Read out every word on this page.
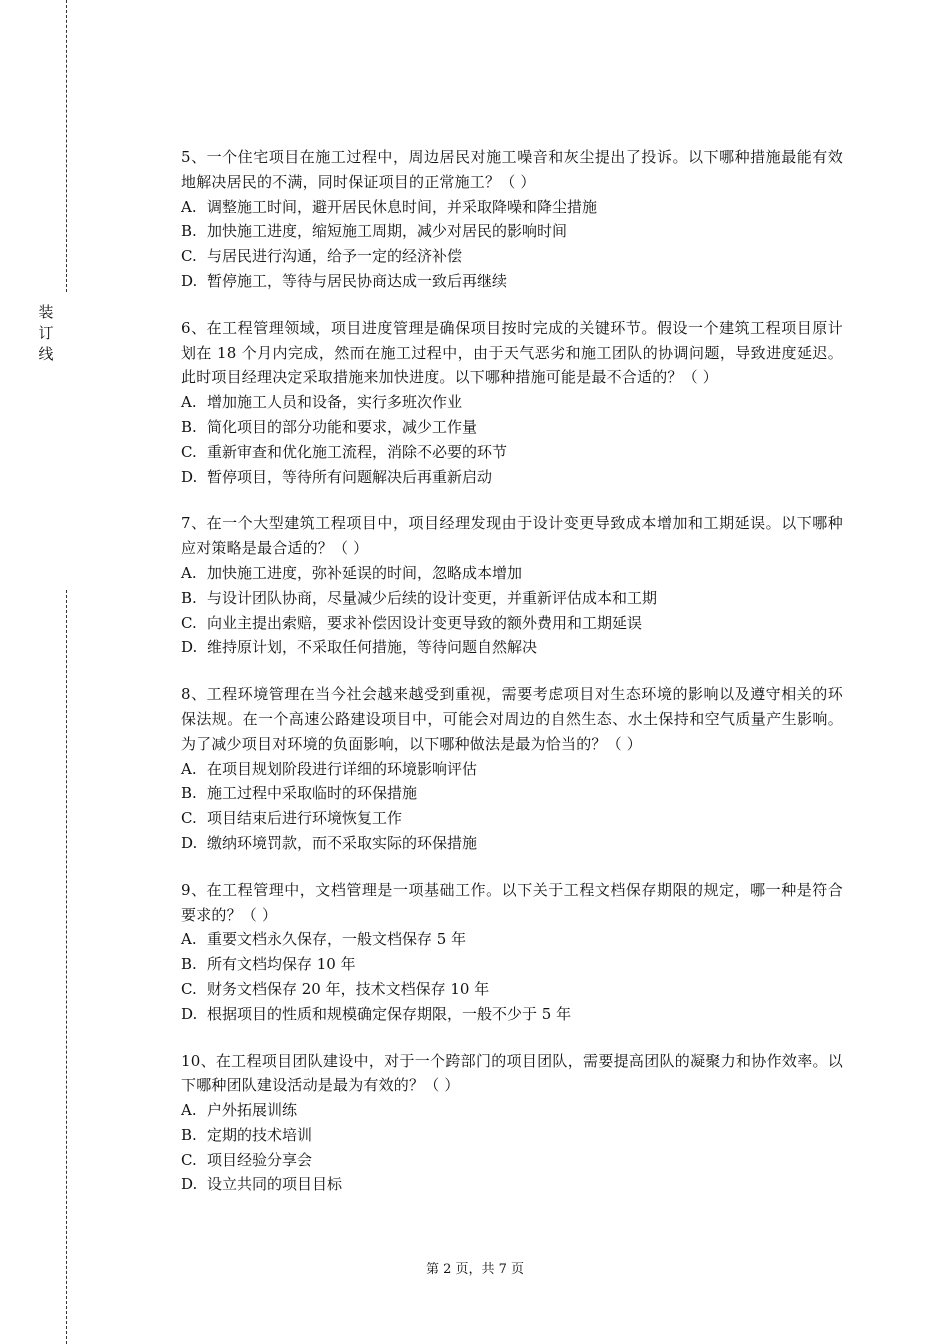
装
订
线

5、一个住宅项目在施工过程中，周边居民对施工噪音和灰尘提出了投诉。以下哪种措施最能有效地解决居民的不满，同时保证项目的正常施工？（ ）

A. 调整施工时间，避开居民休息时间，并采取降噪和降尘措施
B. 加快施工进度，缩短施工周期，减少对居民的影响时间
C. 与居民进行沟通，给予一定的经济补偿
D. 暂停施工，等待与居民协商达成一致后再继续

6、在工程管理领域，项目进度管理是确保项目按时完成的关键环节。假设一个建筑工程项目原计划在 18 个月内完成，然而在施工过程中，由于天气恶劣和施工团队的协调问题，导致进度延迟。此时项目经理决定采取措施来加快进度。以下哪种措施可能是最不合适的？（ ）

A. 增加施工人员和设备，实行多班次作业
B. 简化项目的部分功能和要求，减少工作量
C. 重新审查和优化施工流程，消除不必要的环节
D. 暂停项目，等待所有问题解决后再重新启动

7、在一个大型建筑工程项目中，项目经理发现由于设计变更导致成本增加和工期延误。以下哪种应对策略是最合适的？（ ）

A. 加快施工进度，弥补延误的时间，忽略成本增加
B. 与设计团队协商，尽量减少后续的设计变更，并重新评估成本和工期
C. 向业主提出索赔，要求补偿因设计变更导致的额外费用和工期延误
D. 维持原计划，不采取任何措施，等待问题自然解决

8、工程环境管理在当今社会越来越受到重视，需要考虑项目对生态环境的影响以及遵守相关的环保法规。在一个高速公路建设项目中，可能会对周边的自然生态、水土保持和空气质量产生影响。为了减少项目对环境的负面影响，以下哪种做法是最为恰当的？（ ）

A. 在项目规划阶段进行详细的环境影响评估
B. 施工过程中采取临时的环保措施
C. 项目结束后进行环境恢复工作
D. 缴纳环境罚款，而不采取实际的环保措施

9、在工程管理中，文档管理是一项基础工作。以下关于工程文档保存期限的规定，哪一种是符合要求的？（ ）

A. 重要文档永久保存，一般文档保存 5 年
B. 所有文档均保存 10 年
C. 财务文档保存 20 年，技术文档保存 10 年
D. 根据项目的性质和规模确定保存期限，一般不少于 5 年

10、在工程项目团队建设中，对于一个跨部门的项目团队，需要提高团队的凝聚力和协作效率。以下哪种团队建设活动是最为有效的？（ ）

A. 户外拓展训练
B. 定期的技术培训
C. 项目经验分享会
D. 设立共同的项目目标
第 2 页，共 7 页
